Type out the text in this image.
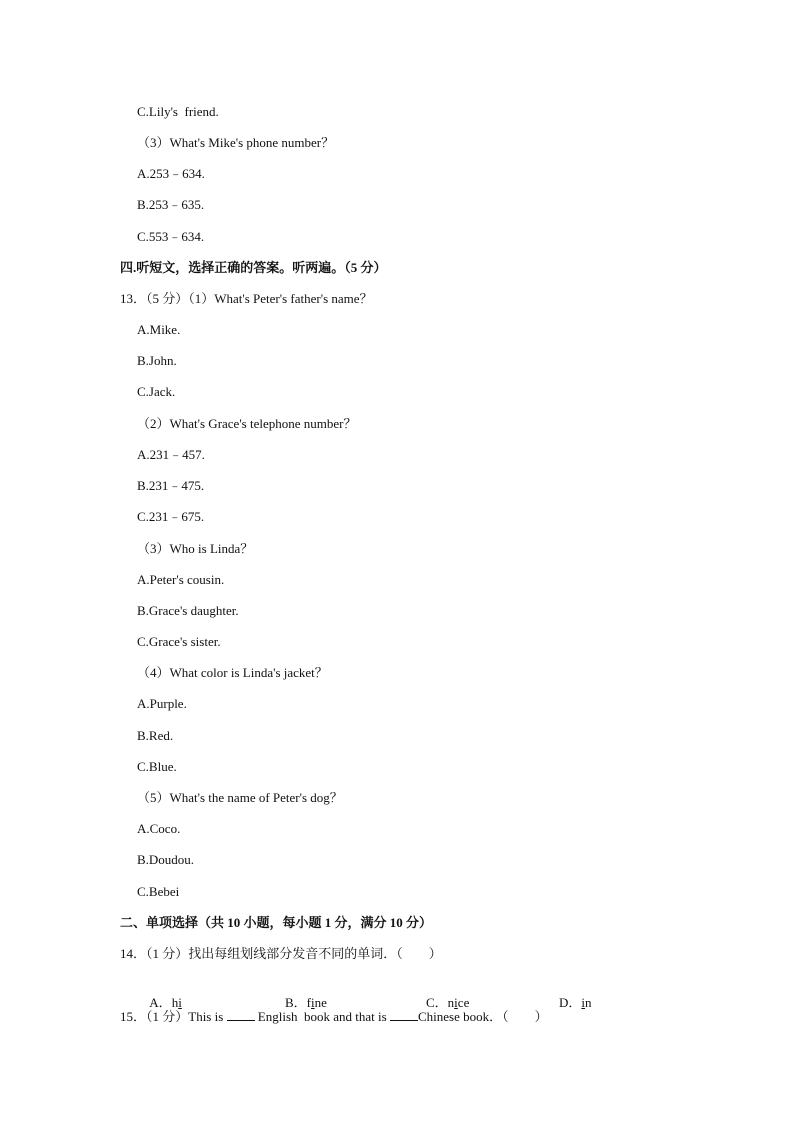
C.Lily's  friend.
（3）What's Mike's phone number？
A.253﹣634.
B.253﹣635.
C.553﹣634.
四.听短文，选择正确的答案。听两遍。（5 分）
13．（5 分）（1）What's Peter's father's name？
A.Mike.
B.John.
C.Jack.
（2）What's Grace's telephone number？
A.231﹣457.
B.231﹣475.
C.231﹣675.
（3）Who is Linda？
A.Peter's cousin.
B.Grace's daughter.
C.Grace's sister.
（4）What color is Linda's jacket？
A.Purple.
B.Red.
C.Blue.
（5）What's the name of Peter's dog？
A.Coco.
B.Doudou.
C.Bebei
二、单项选择（共 10 小题，每小题 1 分，满分 10 分）
14．（1 分）找出每组划线部分发音不同的单词．（　　）

A．hi
	B．fine
	C．nice
	D．in

15．（1 分）This is  English  book and that is Chinese book．（　　）
